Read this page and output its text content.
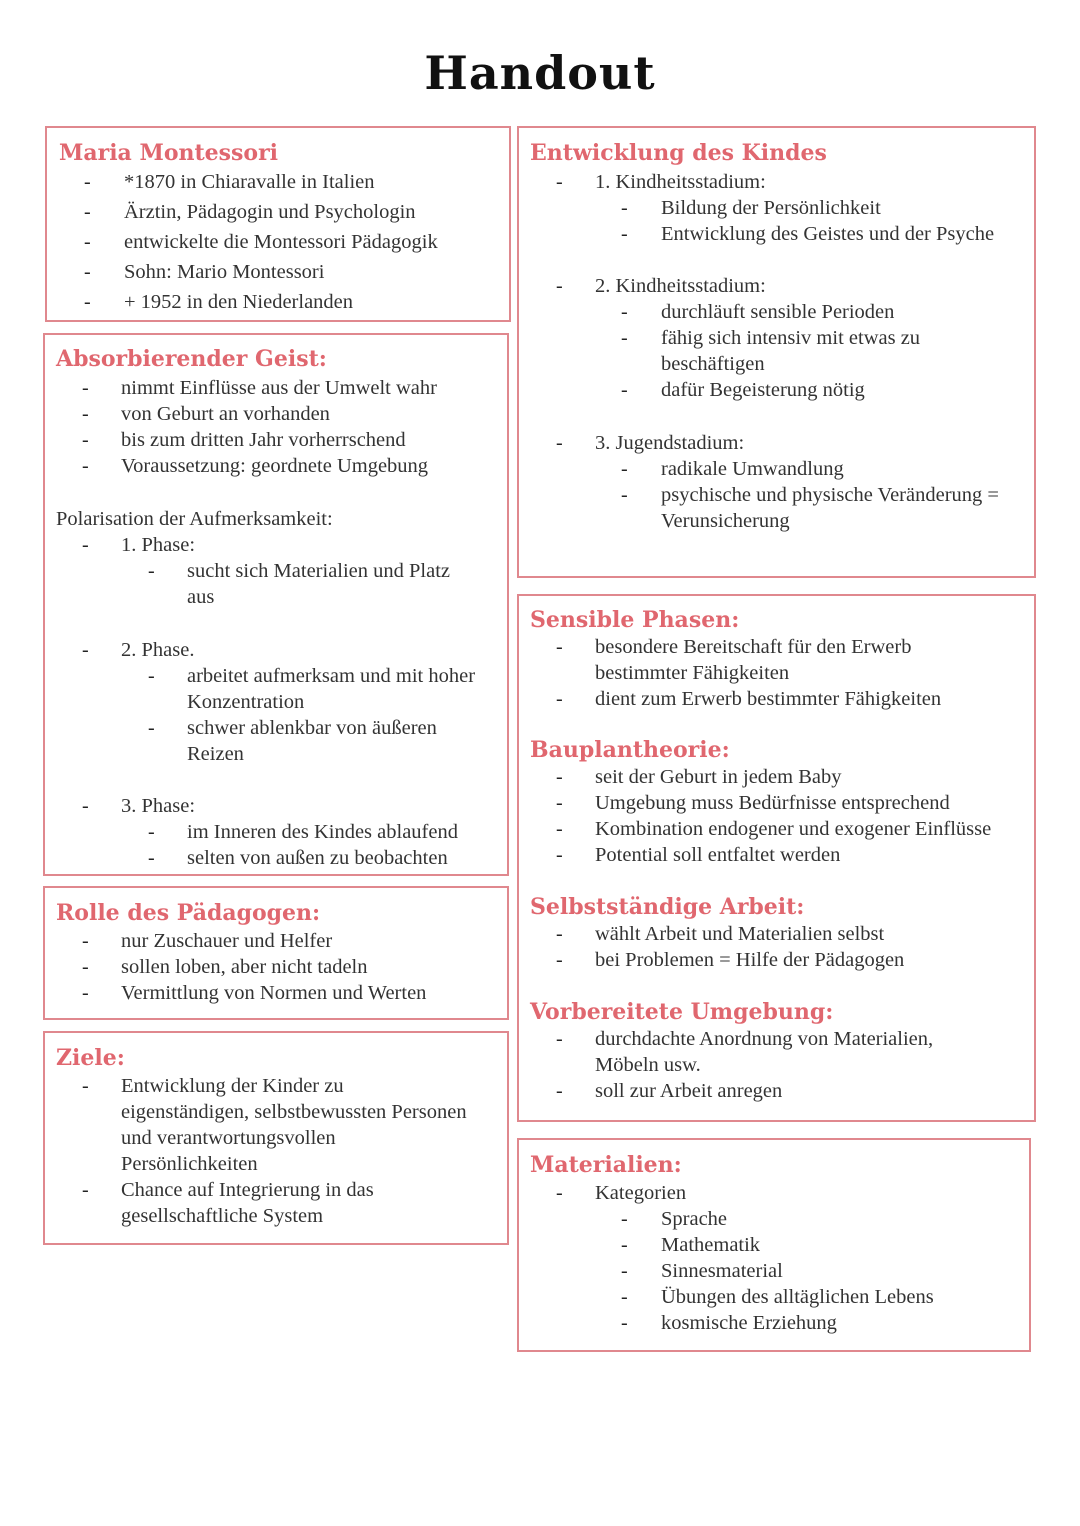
Handout
Maria Montessori
- *1870 in Chiaravalle in Italien
- Ärztin, Pädagogin und Psychologin
- entwickelte die Montessori Pädagogik
- Sohn: Mario Montessori
- + 1952 in den Niederlanden
Absorbierender Geist:
- nimmt Einflüsse aus der Umwelt wahr
- von Geburt an vorhanden
- bis zum dritten Jahr vorherrschend
- Voraussetzung: geordnete Umgebung
Polarisation der Aufmerksamkeit:
- 1. Phase:
- sucht sich Materialien und Platz
aus
- 2. Phase.
- arbeitet aufmerksam und mit hoher
Konzentration
- schwer ablenkbar von äußeren
Reizen
- 3. Phase:
- im Inneren des Kindes ablaufend
- selten von außen zu beobachten
Rolle des Pädagogen:
- nur Zuschauer und Helfer
- sollen loben, aber nicht tadeln
- Vermittlung von Normen und Werten
Ziele:
- Entwicklung der Kinder zu
eigenständigen, selbstbewussten Personen
und verantwortungsvollen
Persönlichkeiten
- Chance auf Integrierung in das
gesellschaftliche System
Entwicklung des Kindes
- 1. Kindheitsstadium:
- Bildung der Persönlichkeit
- Entwicklung des Geistes und der Psyche
- 2. Kindheitsstadium:
- durchläuft sensible Perioden
- fähig sich intensiv mit etwas zu
beschäftigen
- dafür Begeisterung nötig
- 3. Jugendstadium:
- radikale Umwandlung
- psychische und physische Veränderung =
Verunsicherung
Sensible Phasen:
- besondere Bereitschaft für den Erwerb
bestimmter Fähigkeiten
- dient zum Erwerb bestimmter Fähigkeiten
Bauplantheorie:
- seit der Geburt in jedem Baby
- Umgebung muss Bedürfnisse entsprechend
- Kombination endogener und exogener Einflüsse
- Potential soll entfaltet werden
Selbstständige Arbeit:
- wählt Arbeit und Materialien selbst
- bei Problemen = Hilfe der Pädagogen
Vorbereitete Umgebung:
- durchdachte Anordnung von Materialien,
Möbeln usw.
- soll zur Arbeit anregen
Materialien:
- Kategorien
- Sprache
- Mathematik
- Sinnesmaterial
- Übungen des alltäglichen Lebens
- kosmische Erziehung
